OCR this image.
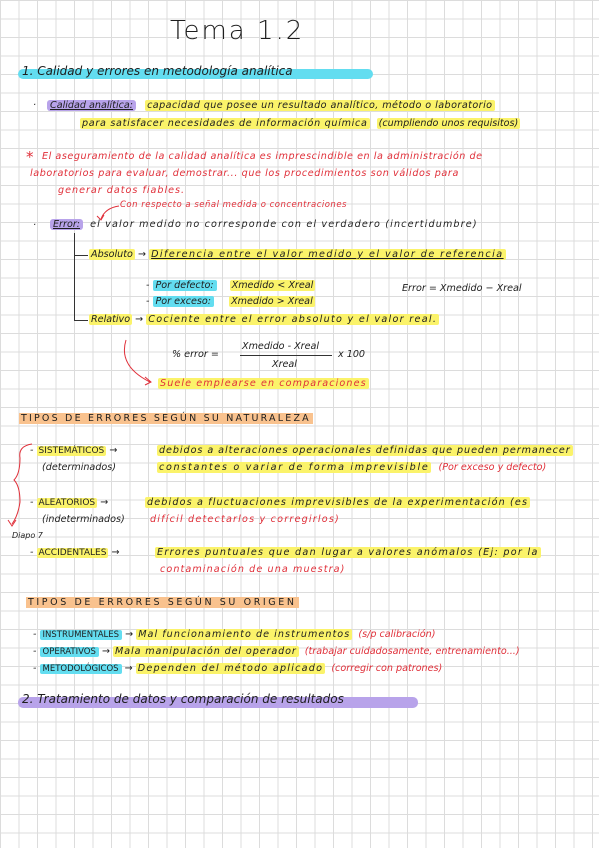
Tema 1.2
1. Calidad y errores en metodología analítica
·	Calidad analítica: capacidad que posee un resultado analítico, método o laboratorio
para satisfacer necesidades de información química (cumpliendo unos requisitos)
* El aseguramiento de la calidad analítica es imprescindible en la administración de
laboratorios para evaluar, demostrar... que los procedimientos son válidos para
generar datos fiables.
Con respecto a señal medida o concentraciones
·	Error: el valor medido no corresponde con el verdadero (incertidumbre)
Absoluto → Diferencia entre el valor medido y el valor de referencia
- Por defecto: Xmedido < Xreal
- Por exceso: Xmedido > Xreal
Error = Xmedido − Xreal
Relativo → Cociente entre el error absoluto y el valor real.
% error =
Xmedido - Xreal
Xreal
x 100
Suele emplearse en comparaciones
TIPOS DE ERRORES SEGÚN SU NATURALEZA
- SISTEMÁTICOS →
(determinados)
debidos a alteraciones operacionales definidas que pueden permanecer
constantes o variar de forma imprevisible (Por exceso y defecto)
- ALEATORIOS →
(indeterminados)
debidos a fluctuaciones imprevisibles de la experimentación (es
difícil detectarlos y corregirlos)
Diapo 7
- ACCIDENTALES →	Errores puntuales que dan lugar a valores anómalos (Ej: por la
contaminación de una muestra)
TIPOS DE ERRORES SEGÚN SU ORIGEN
- INSTRUMENTALES → Mal funcionamiento de instrumentos (s/p calibración)
- OPERATIVOS → Mala manipulación del operador (trabajar cuidadosamente, entrenamiento...)
- METODOLÓGICOS → Dependen del método aplicado (corregir con patrones)
2. Tratamiento de datos y comparación de resultados
